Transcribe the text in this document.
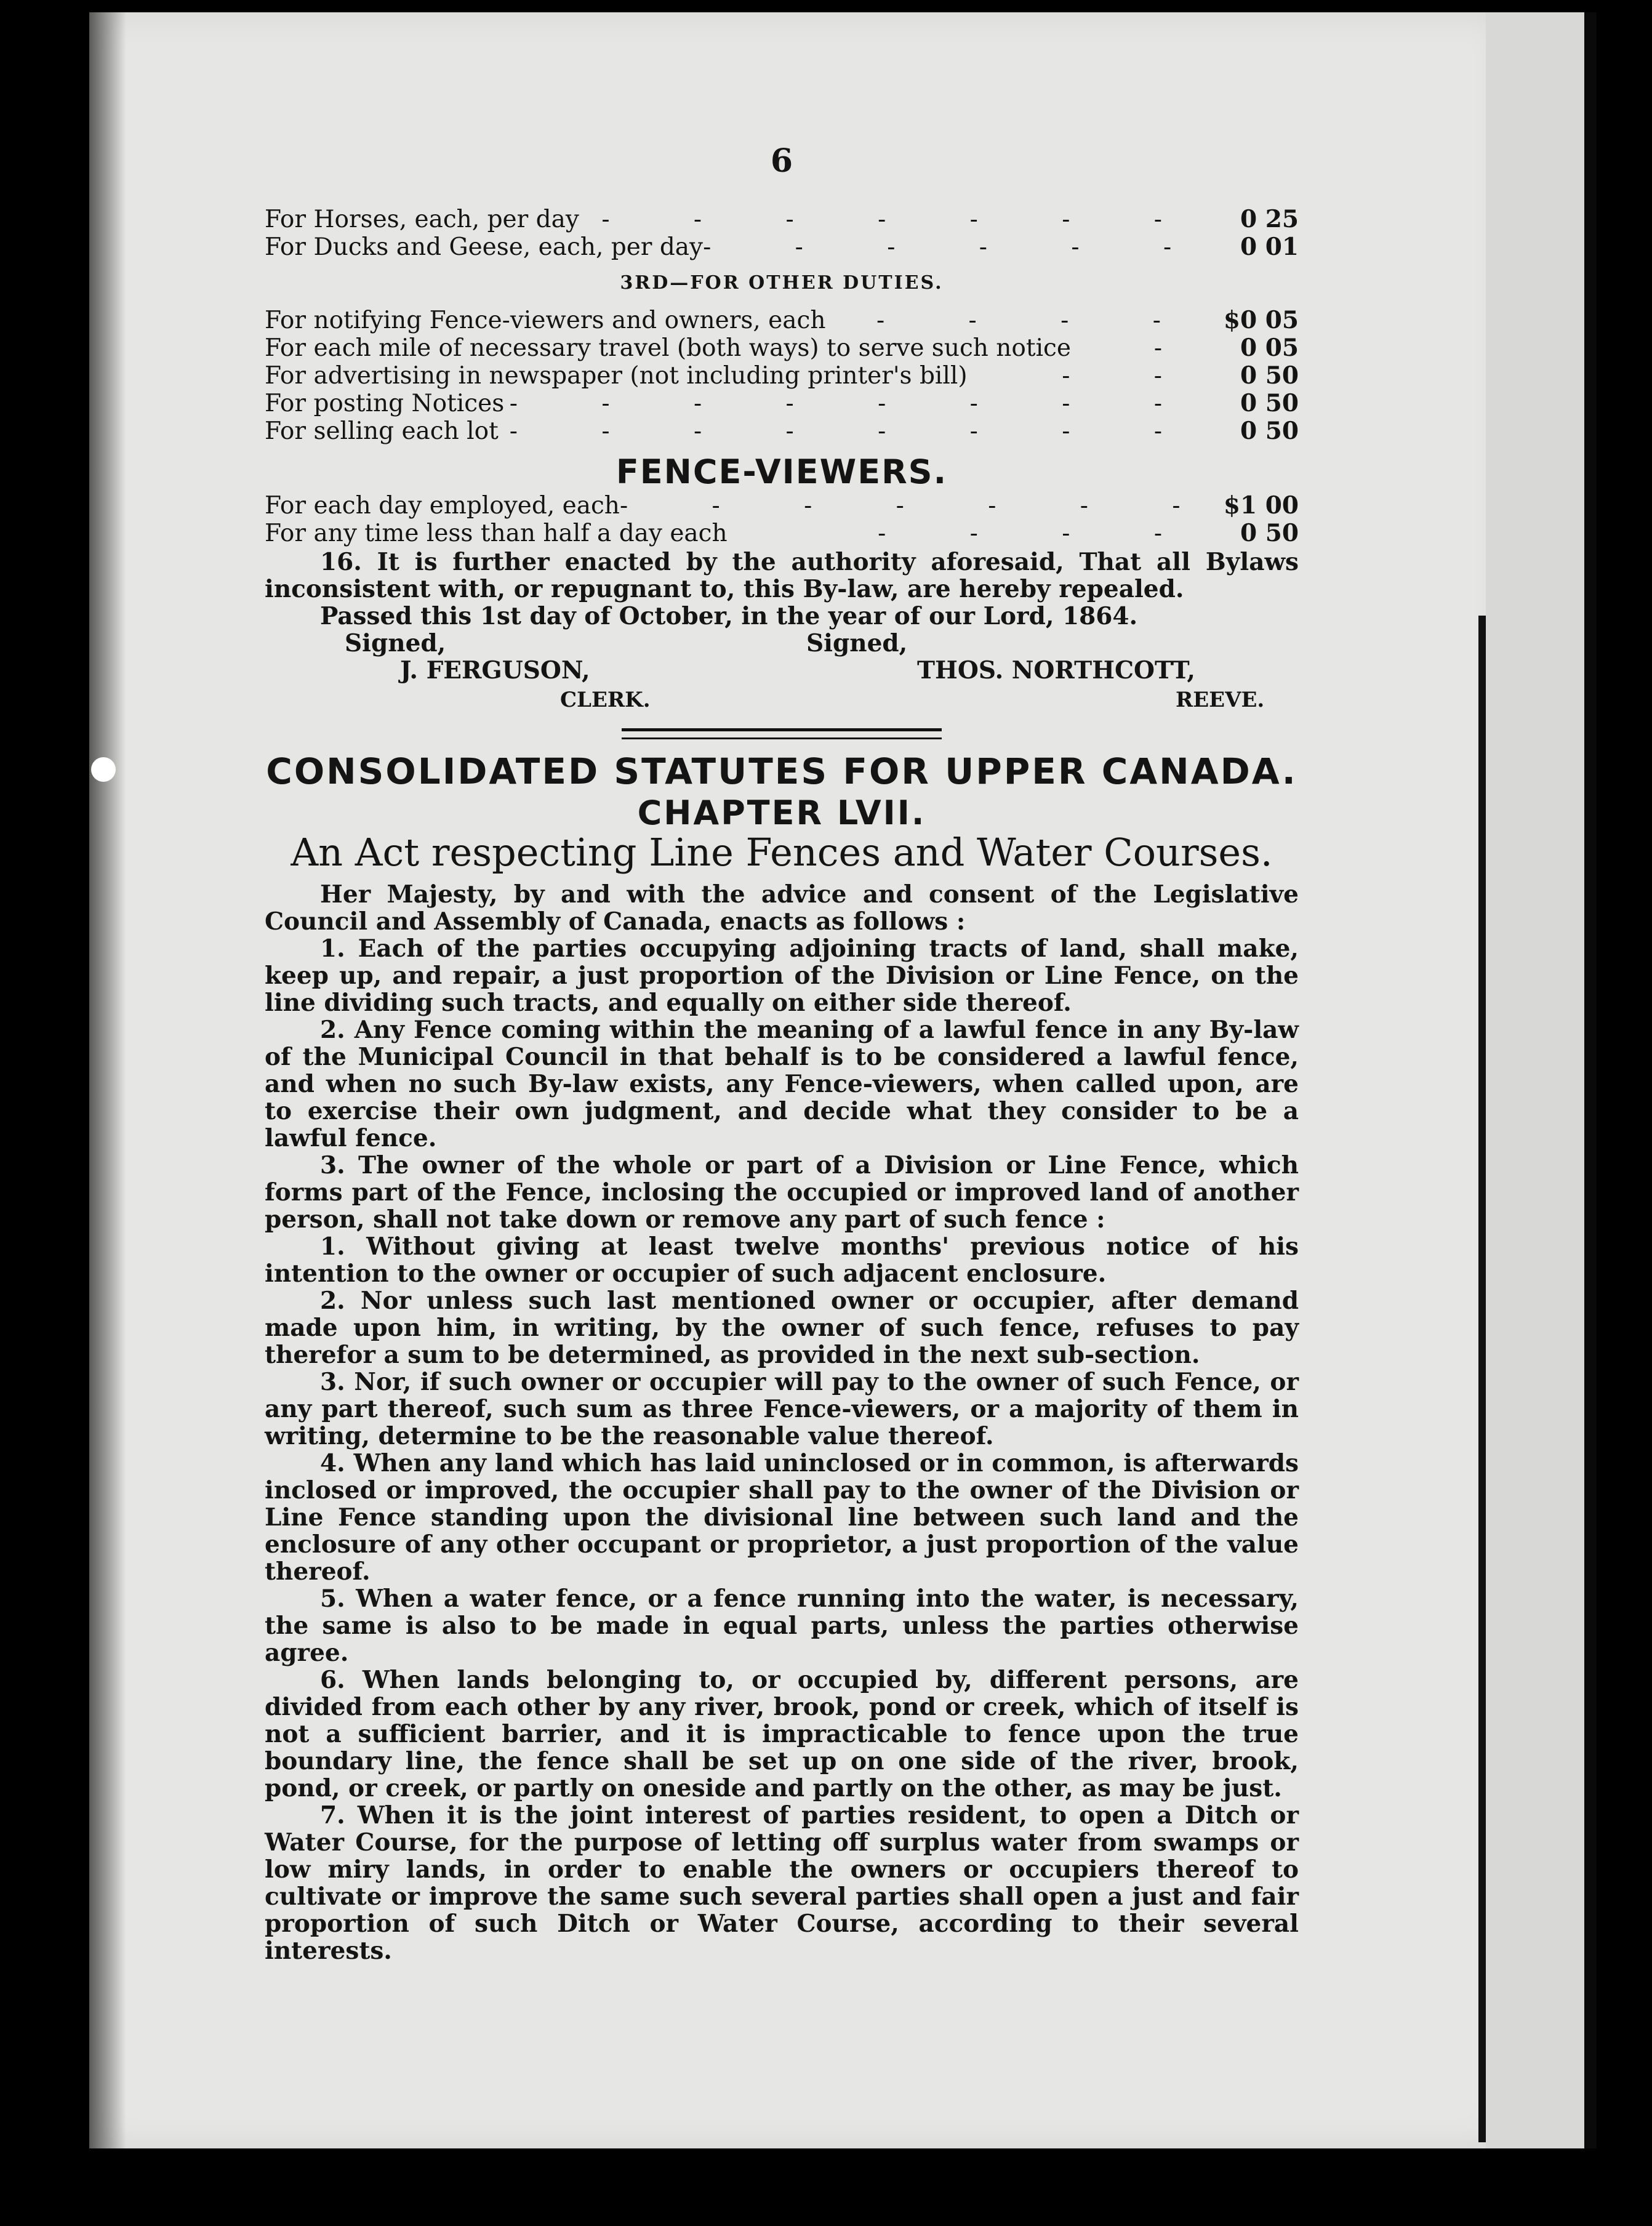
6
For Horses, each, per day - - - - - - -	0 25
For Ducks and Geese, each, per day - - - - - -	0 01
3RD—FOR OTHER DUTIES.
For notifying Fence-viewers and owners, each	- - - -	$0 05
For each mile of necessary travel (both ways) to serve such notice	-	0 05
For advertising in newspaper (not including printer's bill)	- -	0 50
For posting Notices - - - - - - - -	0 50
For selling each lot - - - - - - - -	0 50
FENCE-VIEWERS.
For each day employed, each - - - - - - - $1 00
For any time less than half a day each	- - - -	0 50

16. It is further enacted by the authority aforesaid, That all Bylaws inconsistent with, or repugnant to, this By-law, are hereby repealed.

Passed this 1st day of October, in the year of our Lord, 1864.

Signed,	Signed,
J. FERGUSON,	THOS. NORTHCOTT,
CLERK.	REEVE.
CONSOLIDATED STATUTES FOR UPPER CANADA.
CHAPTER LVII.
An Act respecting Line Fences and Water Courses.

Her Majesty, by and with the advice and consent of the Legislative Council and Assembly of Canada, enacts as follows :

1. Each of the parties occupying adjoining tracts of land, shall make, keep up, and repair, a just proportion of the Division or Line Fence, on the line dividing such tracts, and equally on either side thereof.

2. Any Fence coming within the meaning of a lawful fence in any By-law of the Municipal Council in that behalf is to be considered a lawful fence, and when no such By-law exists, any Fence-viewers, when called upon, are to exercise their own judgment, and decide what they consider to be a lawful fence.

3. The owner of the whole or part of a Division or Line Fence, which forms part of the Fence, inclosing the occupied or improved land of another person, shall not take down or remove any part of such fence :

1. Without giving at least twelve months' previous notice of his intention to the owner or occupier of such adjacent enclosure.

2. Nor unless such last mentioned owner or occupier, after demand made upon him, in writing, by the owner of such fence, refuses to pay therefor a sum to be determined, as provided in the next sub-section.

3. Nor, if such owner or occupier will pay to the owner of such Fence, or any part thereof, such sum as three Fence-viewers, or a majority of them in writing, determine to be the reasonable value thereof.

4. When any land which has laid uninclosed or in common, is afterwards inclosed or improved, the occupier shall pay to the owner of the Division or Line Fence standing upon the divisional line between such land and the enclosure of any other occupant or proprietor, a just proportion of the value thereof.

5. When a water fence, or a fence running into the water, is necessary, the same is also to be made in equal parts, unless the parties otherwise agree.

6. When lands belonging to, or occupied by, different persons, are divided from each other by any river, brook, pond or creek, which of itself is not a sufficient barrier, and it is impracticable to fence upon the true boundary line, the fence shall be set up on one side of the river, brook, pond, or creek, or partly on oneside and partly on the other, as may be just.

7. When it is the joint interest of parties resident, to open a Ditch or Water Course, for the purpose of letting off surplus water from swamps or low miry lands, in order to enable the owners or occupiers thereof to cultivate or improve the same such several parties shall open a just and fair proportion of such Ditch or Water Course, according to their several interests.
